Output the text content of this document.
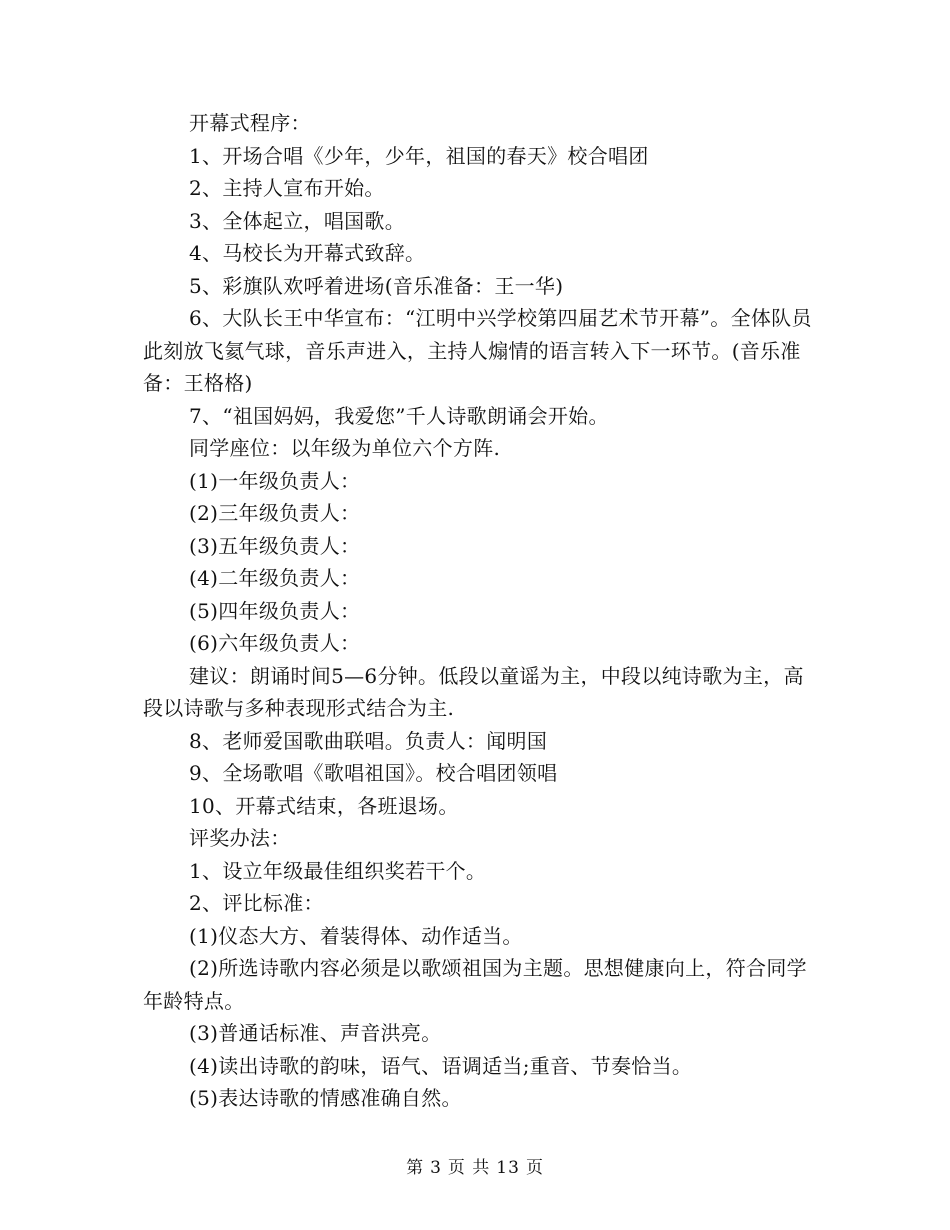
开幕式程序：

1、开场合唱《少年，少年，祖国的春天》校合唱团

2、主持人宣布开始。

3、全体起立，唱国歌。

4、马校长为开幕式致辞。

5、彩旗队欢呼着进场(音乐准备：王一华)

6、大队长王中华宣布：“江明中兴学校第四届艺术节开幕”。全体队员此刻放飞氦气球，音乐声进入，主持人煽情的语言转入下一环节。(音乐准备：王格格)

7、“祖国妈妈，我爱您”千人诗歌朗诵会开始。

同学座位：以年级为单位六个方阵.

(1)一年级负责人：

(2)三年级负责人：

(3)五年级负责人：

(4)二年级负责人：

(5)四年级负责人：

(6)六年级负责人：

建议：朗诵时间5—6分钟。低段以童谣为主，中段以纯诗歌为主，高段以诗歌与多种表现形式结合为主.

8、老师爱国歌曲联唱。负责人：闻明国

9、全场歌唱《歌唱祖国》。校合唱团领唱

10、开幕式结束，各班退场。

评奖办法：

1、设立年级最佳组织奖若干个。

2、评比标准：

(1)仪态大方、着装得体、动作适当。

(2)所选诗歌内容必须是以歌颂祖国为主题。思想健康向上，符合同学年龄特点。

(3)普通话标准、声音洪亮。

(4)读出诗歌的韵味，语气、语调适当;重音、节奏恰当。

(5)表达诗歌的情感准确自然。

第 3 页 共 13 页
